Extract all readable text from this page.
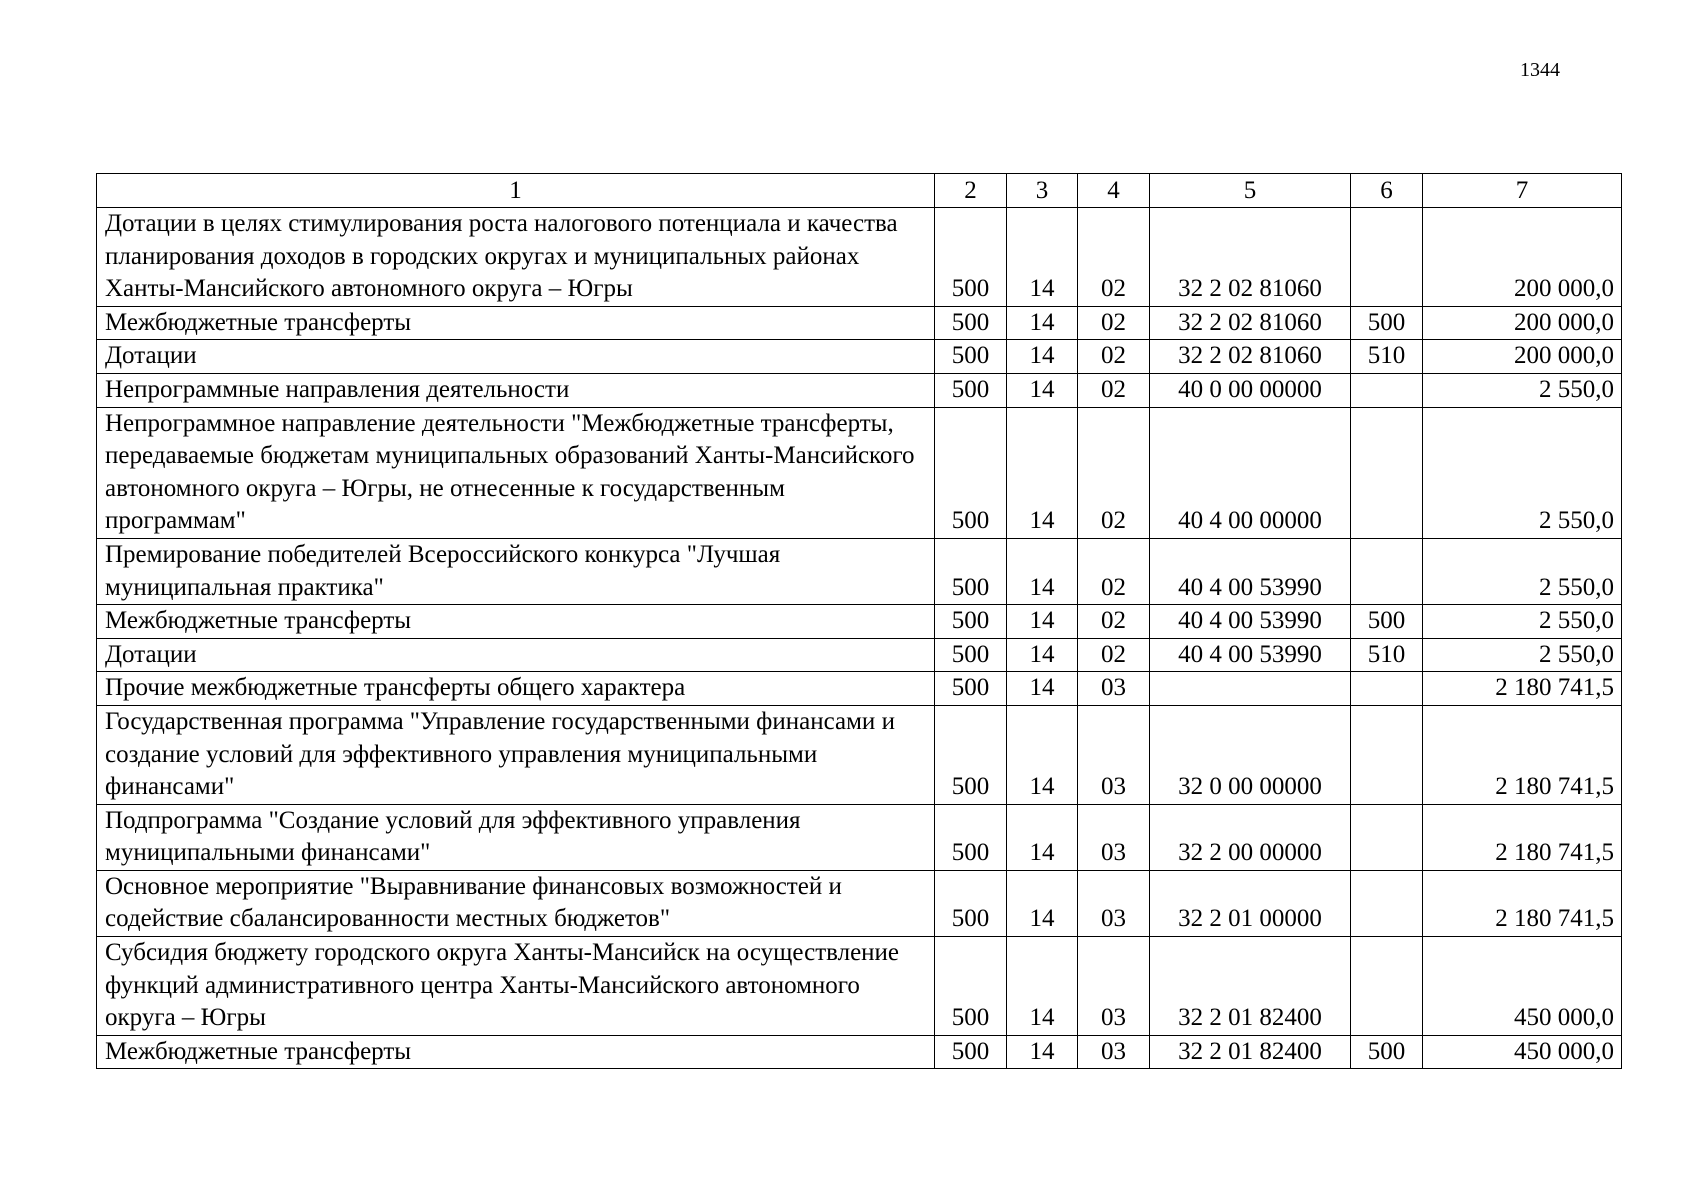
1344
1	2	3	4	5	6	7
Дотации в целях стимулирования роста налогового потенциала и качества планирования доходов в городских округах и муниципальных районах Ханты-Мансийского автономного округа – Югры	500	14	02	32 2 02 81060		200 000,0
Межбюджетные трансферты	500	14	02	32 2 02 81060	500	200 000,0
Дотации	500	14	02	32 2 02 81060	510	200 000,0
Непрограммные направления деятельности	500	14	02	40 0 00 00000		2 550,0
Непрограммное направление деятельности "Межбюджетные трансферты, передаваемые бюджетам муниципальных образований Ханты-Мансийского автономного округа – Югры, не отнесенные к государственным программам"	500	14	02	40 4 00 00000		2 550,0
Премирование победителей Всероссийского конкурса "Лучшая муниципальная практика"	500	14	02	40 4 00 53990		2 550,0
Межбюджетные трансферты	500	14	02	40 4 00 53990	500	2 550,0
Дотации	500	14	02	40 4 00 53990	510	2 550,0
Прочие межбюджетные трансферты общего характера	500	14	03			2 180 741,5
Государственная программа "Управление государственными финансами и создание условий для эффективного управления муниципальными финансами"	500	14	03	32 0 00 00000		2 180 741,5
Подпрограмма "Создание условий для эффективного управления муниципальными финансами"	500	14	03	32 2 00 00000		2 180 741,5
Основное мероприятие "Выравнивание финансовых возможностей и содействие сбалансированности местных бюджетов"	500	14	03	32 2 01 00000		2 180 741,5
Субсидия бюджету городского округа Ханты-Мансийск на осуществление функций административного центра Ханты-Мансийского автономного округа – Югры	500	14	03	32 2 01 82400		450 000,0
Межбюджетные трансферты	500	14	03	32 2 01 82400	500	450 000,0
